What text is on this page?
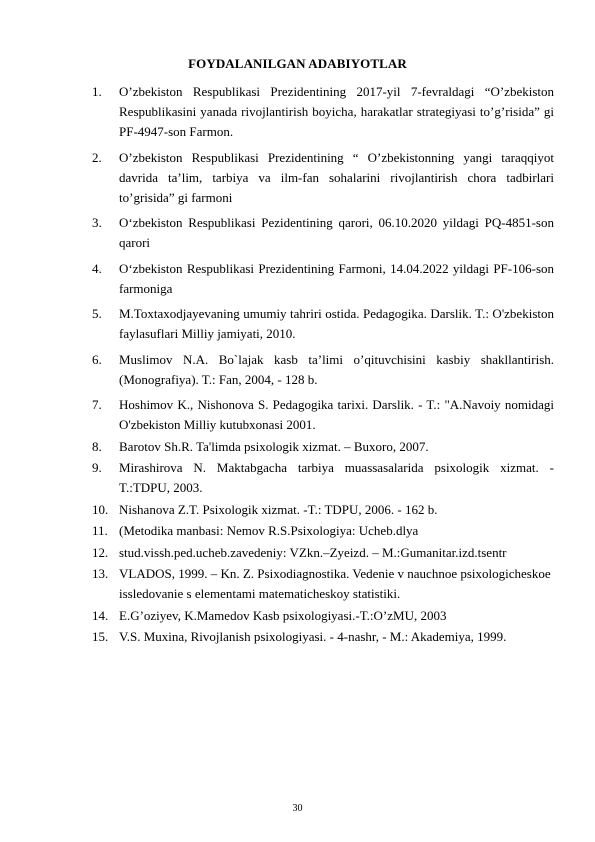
FOYDALANILGAN ADABIYOTLAR
1.	O’zbekiston Respublikasi Prezidentining 2017-yil 7-fevraldagi “O’zbekiston Respublikasini yanada rivojlantirish boyicha, harakatlar strategiyasi to’g’risida” gi PF-4947-son Farmon.
2.	O’zbekiston Respublikasi Prezidentining “ O’zbekistonning yangi taraqqiyot davrida ta’lim, tarbiya va ilm-fan sohalarini rivojlantirish chora tadbirlari to’grisida” gi farmoni
3.	O‘zbekiston Respublikasi Pezidentining qarori, 06.10.2020 yildagi PQ-4851-son qarori
4.	O‘zbekiston Respublikasi Prezidentining Farmoni, 14.04.2022 yildagi PF-106-son farmoniga
5.	M.Toxtaxodjayevaning umumiy tahriri ostida. Pedagogika. Darslik. T.: O'zbekiston faylasuflari Milliy jamiyati, 2010.
6.	Muslimov N.A. Bo`lajak kasb ta’limi o’qituvchisini kasbiy shakllantirish. (Monografiya). T.: Fan, 2004, - 128 b.
7.	Hoshimov K., Nishonova S. Pedagogika tarixi. Darslik. - T.: "A.Navoiy nomidagi O'zbekiston Milliy kutubxonasi 2001.
8.	Barotov Sh.R. Ta'limda psixologik xizmat. – Buxoro, 2007.
9.	Mirashirova N. Maktabgacha tarbiya muassasalarida psixologik xizmat. - T.:TDPU, 2003.
10. Nishanova Z.T. Psixologik xizmat. -T.: TDPU, 2006. - 162 b.
11. (Metodika manbasi: Nemov R.S.Psixologiya: Ucheb.dlya
12. stud.vissh.ped.ucheb.zavedeniy: VZkn.–Zyeizd. – M.:Gumanitar.izd.tsentr
13. VLADOS, 1999. – Kn. Z. Psixodiagnostika. Vedenie v nauchnoe psixologicheskoe issledovanie s elementami matematicheskoy statistiki.
14. E.G’oziyev, K.Mamedov Kasb psixologiyasi.-T.:O’zMU, 2003
15. V.S. Muxina, Rivojlanish psixologiyasi. - 4-nashr, - M.: Akademiya, 1999.
30
